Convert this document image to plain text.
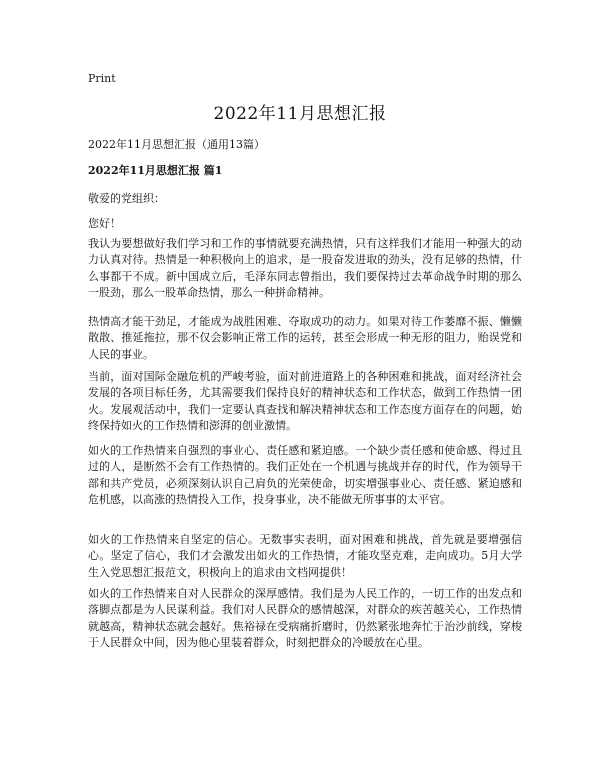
Print
2022年11月思想汇报

2022年11月思想汇报（通用13篇）

2022年11月思想汇报 篇1

敬爱的党组织：

您好！

我认为要想做好我们学习和工作的事情就要充满热情，只有这样我们才能用一种强大的动力认真对待。热情是一种积极向上的追求，是一股奋发进取的劲头，没有足够的热情，什么事都干不成。新中国成立后，毛泽东同志曾指出，我们要保持过去革命战争时期的那么一股劲，那么一股革命热情，那么一种拼命精神。

热情高才能干劲足，才能成为战胜困难、夺取成功的动力。如果对待工作萎靡不振、懒懒散散、推延拖拉，那不仅会影响正常工作的运转，甚至会形成一种无形的阻力，贻误党和人民的事业。

当前，面对国际金融危机的严峻考验，面对前进道路上的各种困难和挑战，面对经济社会发展的各项目标任务，尤其需要我们保持良好的精神状态和工作状态，做到工作热情一团火。发展观活动中，我们一定要认真查找和解决精神状态和工作态度方面存在的问题，始终保持如火的工作热情和澎湃的创业激情。

如火的工作热情来自强烈的事业心、责任感和紧迫感。一个缺少责任感和使命感、得过且过的人，是断然不会有工作热情的。我们正处在一个机遇与挑战并存的时代，作为领导干部和共产党员，必须深刻认识自己肩负的光荣使命，切实增强事业心、责任感、紧迫感和危机感，以高涨的热情投入工作，投身事业，决不能做无所事事的太平官。

如火的工作热情来自坚定的信心。无数事实表明，面对困难和挑战，首先就是要增强信心。坚定了信心，我们才会激发出如火的工作热情，才能攻坚克难，走向成功。5月大学生入党思想汇报范文，积极向上的追求由文档网提供！

如火的工作热情来自对人民群众的深厚感情。我们是为人民工作的，一切工作的出发点和落脚点都是为人民谋利益。我们对人民群众的感情越深，对群众的疾苦越关心，工作热情就越高，精神状态就会越好。焦裕禄在受病痛折磨时，仍然紧张地奔忙于治沙前线，穿梭于人民群众中间，因为他心里装着群众，时刻把群众的冷暖放在心里。
